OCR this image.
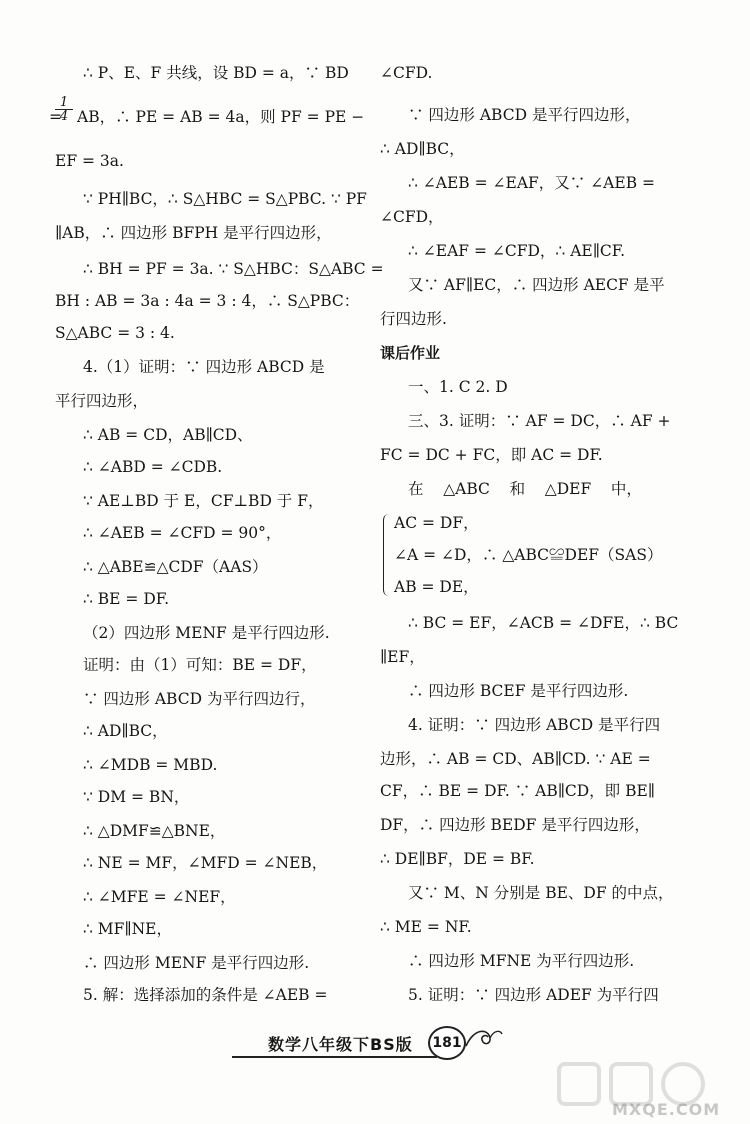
∴ P、E、F 共线，设 BD = a，∵ BD
$\frac{1}{4}$
= AB，∴ PE = AB = 4a，则 PF = PE −
EF = 3a.
∵ PH∥BC，∴ S△HBC = S△PBC. ∵ PF
∥AB，∴ 四边形 BFPH 是平行四边形，
∴ BH = PF = 3a. ∵ S△HBC：S△ABC =
BH : AB = 3a : 4a = 3 : 4，∴ S△PBC：
S△ABC = 3 : 4.
4.（1）证明：∵ 四边形 ABCD 是
平行四边形，
∴ AB = CD，AB∥CD、
∴ ∠ABD = ∠CDB.
∵ AE⊥BD 于 E，CF⊥BD 于 F，
∴ ∠AEB = ∠CFD = 90°，
∴ △ABE≌△CDF（AAS）
∴ BE = DF.
（2）四边形 MENF 是平行四边形.
证明：由（1）可知：BE = DF，
∵ 四边形 ABCD 为平行四边行，
∴ AD∥BC，
∴ ∠MDB = MBD.
∵ DM = BN，
∴ △DMF≌△BNE，
∴ NE = MF，∠MFD = ∠NEB，
∴ ∠MFE = ∠NEF，
∴ MF∥NE，
∴ 四边形 MENF 是平行四边形.
5. 解：选择添加的条件是 ∠AEB =
∠CFD.
∵ 四边形 ABCD 是平行四边形，
∴ AD∥BC，
∴ ∠AEB = ∠EAF，又∵ ∠AEB =
∠CFD，
∴ ∠EAF = ∠CFD，∴ AE∥CF.
又∵ AF∥EC，∴ 四边形 AECF 是平
行四边形.
课后作业
一、1. C 2. D
三、3. 证明：∵ AF = DC，∴ AF +
FC = DC + FC，即 AC = DF.
在    △ABC    和    △DEF    中，
AC = DF，
∠A = ∠D，∴ △ABC≌DEF（SAS）
AB = DE，
∴ BC = EF，∠ACB = ∠DFE，∴ BC
∥EF，
∴ 四边形 BCEF 是平行四边形.
4. 证明：∵ 四边形 ABCD 是平行四
边形，∴ AB = CD、AB∥CD. ∵ AE =
CF，∴ BE = DF. ∵ AB∥CD，即 BE∥
DF，∴ 四边形 BEDF 是平行四边形，
∴ DE∥BF，DE = BF.
又∵ M、N 分别是 BE、DF 的中点，
∴ ME = NF.
∴ 四边形 MFNE 为平行四边形.
5. 证明：∵ 四边形 ADEF 为平行四
数学八年级下BS版	181
MXQE.COM
